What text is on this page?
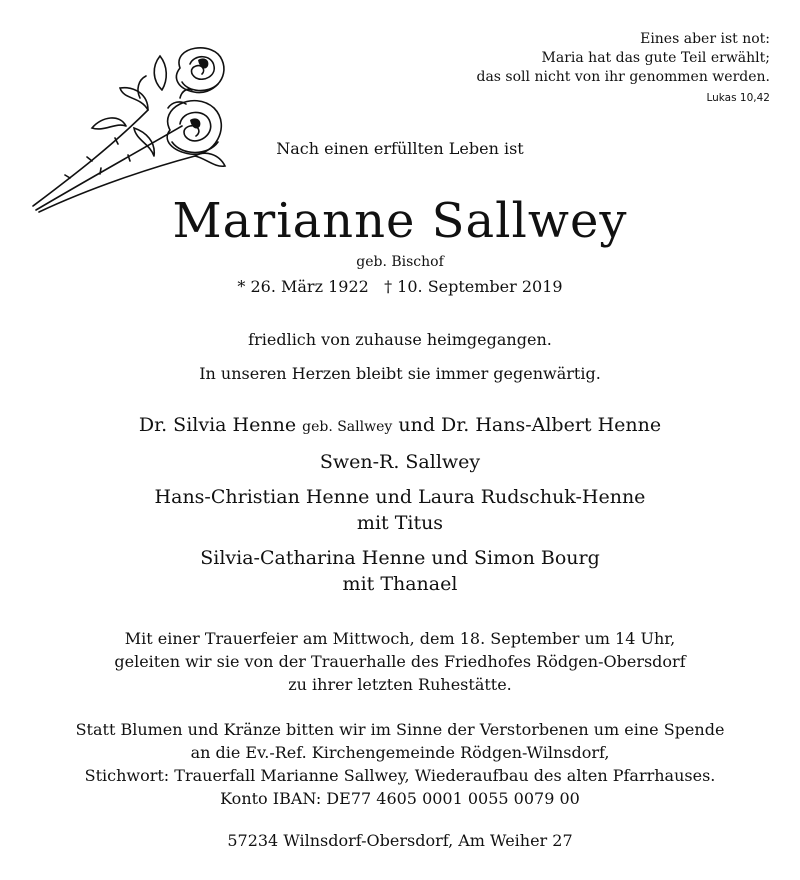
Eines aber ist not:
Maria hat das gute Teil erwählt;
das soll nicht von ihr genommen werden.
Lukas 10,42
Nach einen erfüllten Leben ist
Marianne Sallwey
geb. Bischof
* 26. März 1922   † 10. September 2019
friedlich von zuhause heimgegangen.
In unseren Herzen bleibt sie immer gegenwärtig.
Dr. Silvia Henne geb. Sallwey und Dr. Hans-Albert Henne
Swen-R. Sallwey
Hans-Christian Henne und Laura Rudschuk-Henne
mit Titus
Silvia-Catharina Henne und Simon Bourg
mit Thanael

Mit einer Trauerfeier am Mittwoch, dem 18. September um 14 Uhr,

geleiten wir sie von der Trauerhalle des Friedhofes Rödgen-Obersdorf

zu ihrer letzten Ruhestätte.

Statt Blumen und Kränze bitten wir im Sinne der Verstorbenen um eine Spende

an die Ev.-Ref. Kirchengemeinde Rödgen-Wilnsdorf,

Stichwort: Trauerfall Marianne Sallwey, Wiederaufbau des alten Pfarrhauses.

Konto IBAN: DE77 4605 0001 0055 0079 00

57234 Wilnsdorf-Obersdorf, Am Weiher 27
